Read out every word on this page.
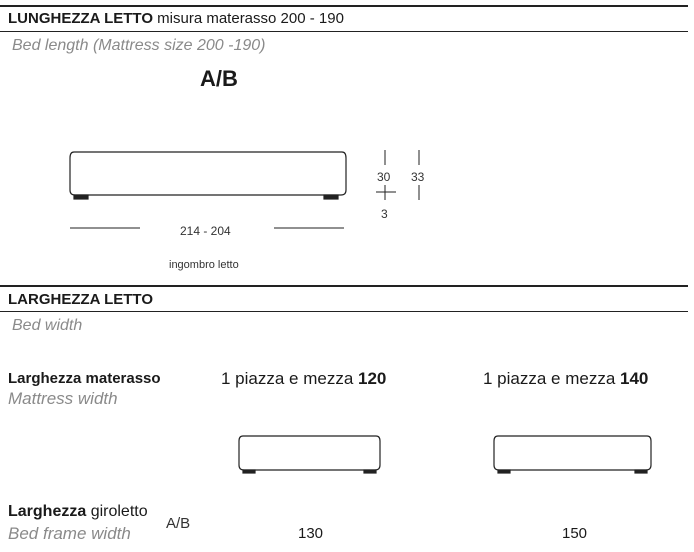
LUNGHEZZA LETTO misura materasso 200 - 190
Bed length (Mattress size 200 -190)
A/B
214 - 204
ingombro letto
30 33
3
LARGHEZZA LETTO
Bed width
Larghezza materasso
Mattress width
1 piazza e mezza 120	1 piazza e mezza 140
Larghezza giroletto
A/B
Bed frame width	130	150
